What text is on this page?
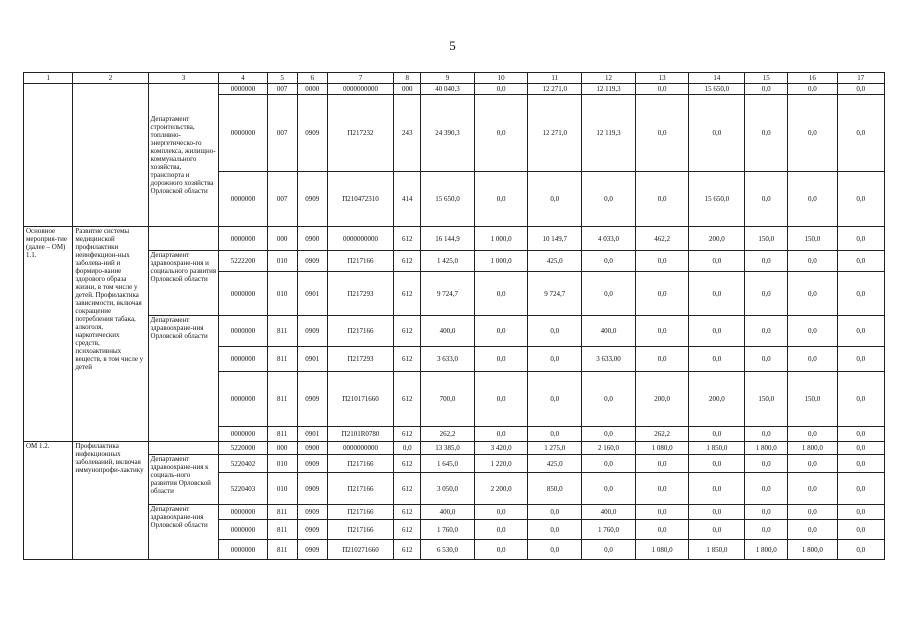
5
1	2	3	4	5	6	7	8	9	10	11	12	13	14	15	16	17
		Департамент строительства, топливно-энергетическо-го комплекса, жилищно-коммунального хозяйства, транспорта и дорожного хозяйства Орловской области	0000000	007	0000	0000000000	000	40 040,3	0,0	12 271,0	12 119,3	0,0	15 650,0	0,0	0,0	0,0
			0000000	007	0909	П217232	243	24 390,3	0,0	12 271,0	12 119,3	0,0	0,0	0,0	0,0	0,0
			0000000	007	0909	П210472310	414	15 650,0	0,0	0,0	0,0	0,0	15 650,0	0,0	0,0	0,0
Основное мероприя-тие (далее – ОМ) 1.1.	Развитие системы медицинской профилактики неинфекцион-ных заболева-ний и формиро-вание здорового образа жизни, в том числе у детей. Профилактика зависимости, включая сокращение потребления табака, алкоголя, наркотических средств, психоактивных веществ, в том числе у детей		0000000	000	0900	0000000000	612	16 144,9	1 000,0	10 149,7	4 033,0	462,2	200,0	150,0	150,0	0,0
		Департамент здравоохране-ния и социального развития Орловской области	5222200	010	0909	П217166	612	1 425,0	1 000,0	425,0	0,0	0,0	0,0	0,0	0,0	0,0
			0000000	010	0901	П217293	612	9 724,7	0,0	9 724,7	0,0	0,0	0,0	0,0	0,0	0,0
		Департамент здравоохране-ния Орловской области	0000000	811	0909	П217166	612	400,0	0,0	0,0	400,0	0,0	0,0	0,0	0,0	0,0
			0000000	811	0901	П217293	612	3 633,0	0,0	0,0	3 633,00	0,0	0,0	0,0	0,0	0,0
			0000000	811	0909	П210171660	612	700,0	0,0	0,0	0,0	200,0	200,0	150,0	150,0	0,0
			0000000	811	0901	П2101R0780	612	262,2	0,0	0,0	0,0	262,2	0,0	0,0	0,0	0,0
ОМ 1.2.	Профилактика инфекционных заболеваний, включая иммунопрофи-лактику		5220000	000	0900	0000000000	0,0	13 385,0	3 420,0	1 275,0	2 160,0	1 080,0	1 850,0	1 800,0	1 800,0	0,0
		Департамент здравоохране-ния к социаль-ного развития Орловской области	5220402	010	0909	П217166	612	1 645,0	1 220,0	425,0	0,0	0,0	0,0	0,0	0,0	0,0
			5220403	010	0909	П217166	612	3 050,0	2 200,0	850,0	0,0	0,0	0,0	0,0	0,0	0,0
		Департамент здравоохране-ния Орловской области	0000000	811	0909	П217166	612	400,0	0,0	0,0	400,0	0,0	0,0	0,0	0,0	0,0
			0000000	811	0909	П217166	612	1 760,0	0,0	0,0	1 760,0	0,0	0,0	0,0	0,0	0,0
			0000000	811	0909	П210271660	612	6 530,0	0,0	0,0	0,0	1 080,0	1 850,0	1 800,0	1 800,0	0,0
